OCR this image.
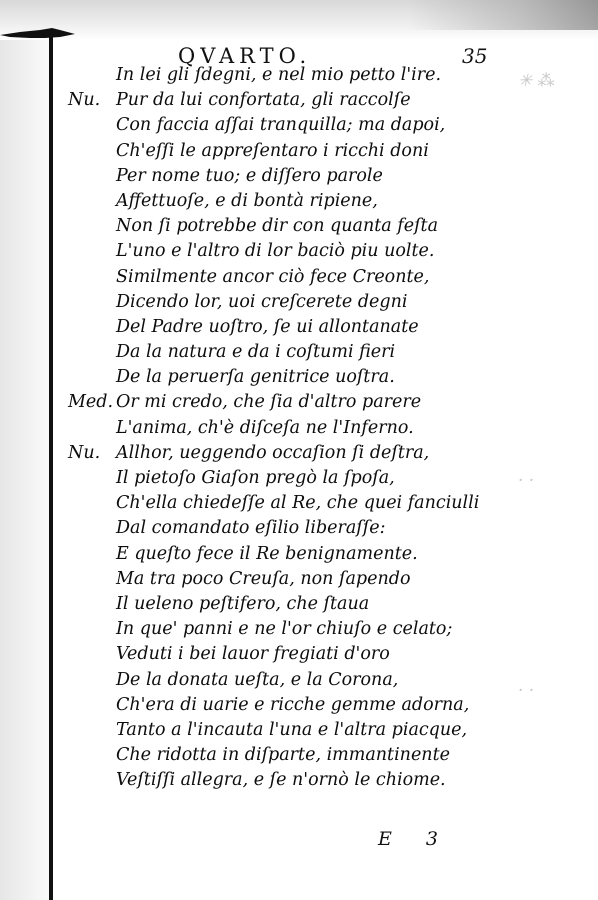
✳ ⁂
· ·
· ·
QVARTO.	35
In lei gli ſdegni, e nel mio petto l'ire.
Nu. Pur da lui confortata, gli raccolſe
Con faccia aſſai tranquilla; ma dapoi,
Ch'eſſi le appreſentaro i ricchi doni
Per nome tuo; e diſſero parole
Affettuoſe, e di bontà ripiene,
Non ſi potrebbe dir con quanta feſta
L'uno e l'altro di lor baciò piu uolte.
Similmente ancor ciò fece Creonte,
Dicendo lor, uoi creſcerete degni
Del Padre uoſtro, ſe ui allontanate
Da la natura e da i coſtumi fieri
De la peruerſa genitrice uoſtra.
Med. Or mi credo, che ſia d'altro parere
L'anima, ch'è diſceſa ne l'Inferno.
Nu. Allhor, ueggendo occaſion ſi deſtra,
Il pietoſo Giaſon pregò la ſpoſa,
Ch'ella chiedeſſe al Re, che quei fanciulli
Dal comandato eſilio liberaſſe:
E queſto fece il Re benignamente.
Ma tra poco Creuſa, non ſapendo
Il ueleno peſtifero, che ſtaua
In que' panni e ne l'or chiuſo e celato;
Veduti i bei lauor fregiati d'oro
De la donata ueſta, e la Corona,
Ch'era di uarie e ricche gemme adorna,
Tanto a l'incauta l'una e l'altra piacque,
Che ridotta in diſparte, immantinente
Veſtiſſi allegra, e ſe n'ornò le chiome.
E 3
